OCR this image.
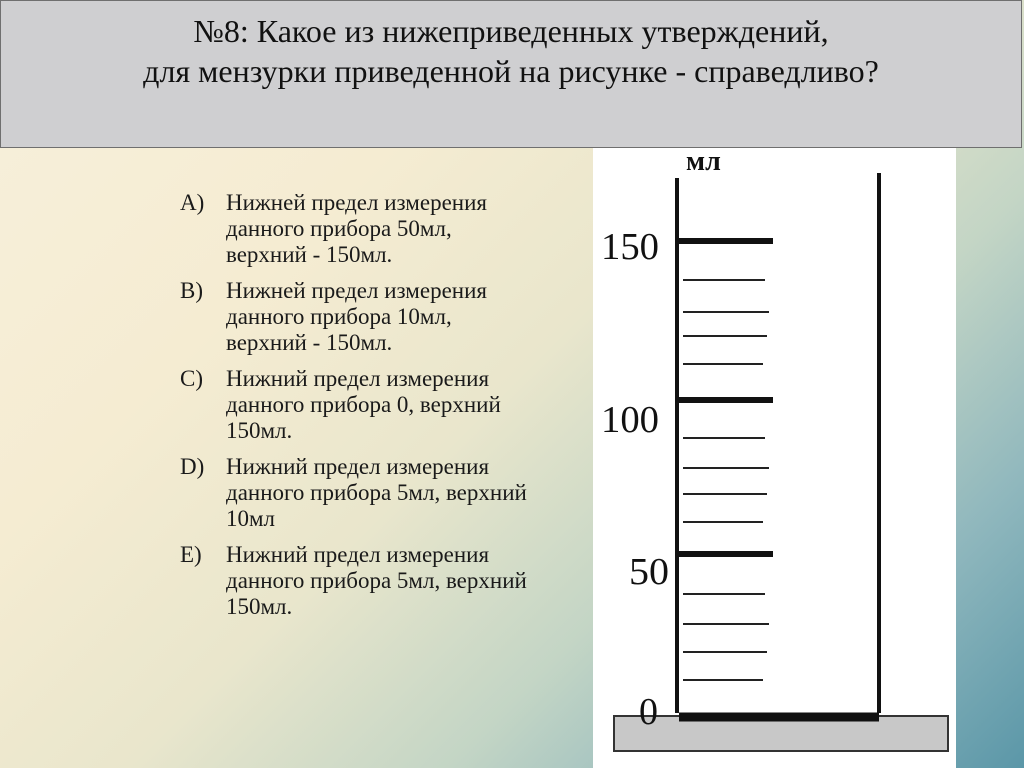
№8: Какое из нижеприведенных утверждений,
для мензурки приведенной на рисунке - справедливо?
A) Нижней предел измерения
данного прибора 50мл,
верхний - 150мл.
B) Нижней предел измерения
данного прибора 10мл,
верхний - 150мл.
C) Нижний предел измерения
данного прибора 0, верхний
150мл.
D) Нижний предел измерения
данного прибора 5мл, верхний
10мл
E) Нижний предел измерения
данного прибора 5мл, верхний
150мл.
мл
150
100
50
0
